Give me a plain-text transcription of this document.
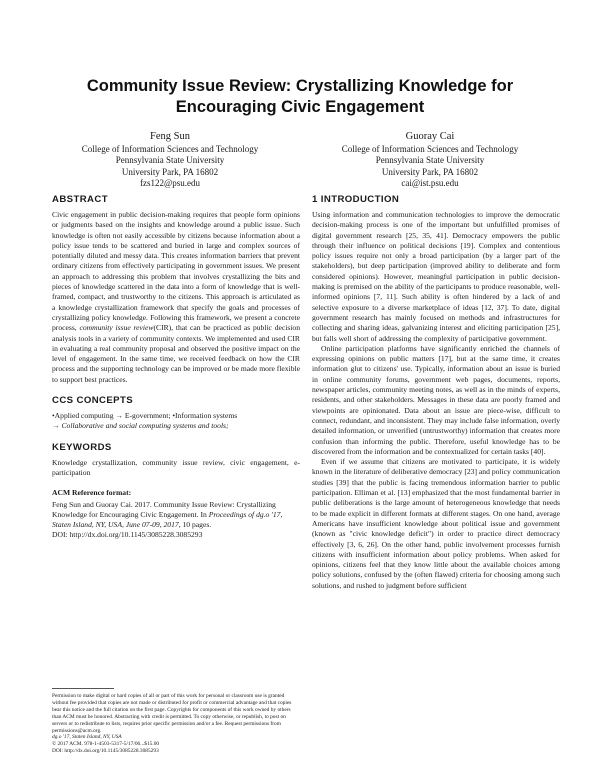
Community Issue Review: Crystallizing Knowledge for
Encouraging Civic Engagement
Feng Sun
College of Information Sciences and Technology
Pennsylvania State University
University Park, PA 16802
fzs122@psu.edu
Guoray Cai
College of Information Sciences and Technology
Pennsylvania State University
University Park, PA 16802
cai@ist.psu.edu
ABSTRACT

Civic engagement in public decision-making requires that people form opinions or judgments based on the insights and knowledge around a public issue. Such knowledge is often not easily accessible by citizens because information about a policy issue tends to be scattered and buried in large and complex sources of potentially diluted and messy data. This creates information barriers that prevent ordinary citizens from effectively participating in government issues. We present an approach to addressing this problem that involves crystallizing the bits and pieces of knowledge scattered in the data into a form of knowledge that is well-framed, compact, and trustworthy to the citizens. This approach is articulated as a knowledge crystallization framework that specify the goals and processes of crystallizing policy knowledge. Following this framework, we present a concrete process, community issue review(CIR), that can be practiced as public decision analysis tools in a variety of community contexts. We implemented and used CIR in evaluating a real community proposal and observed the positive impact on the level of engagement. In the same time, we received feedback on how the CIR process and the supporting technology can be improved or be made more flexible to support best practices.

CCS CONCEPTS

•Applied computing → E-government; •Information systems

→ Collaborative and social computing systems and tools;

KEYWORDS

Knowledge crystallization, community issue review, civic engagement, e-participation

ACM Reference format:

Feng Sun and Guoray Cai. 2017. Community Issue Review: Crystallizing Knowledge for Encouraging Civic Engagement. In Proceedings of dg.o '17, Staten Island, NY, USA, June 07-09, 2017, 10 pages.

DOI: http://dx.doi.org/10.1145/3085228.3085293

Permission to make digital or hard copies of all or part of this work for personal or classroom use is granted without fee provided that copies are not made or distributed for profit or commercial advantage and that copies bear this notice and the full citation on the first page. Copyrights for components of this work owned by others than ACM must be honored. Abstracting with credit is permitted. To copy otherwise, or republish, to post on servers or to redistribute to lists, requires prior specific permission and/or a fee. Request permissions from permissions@acm.org.

dg.o '17, Staten Island, NY, USA

© 2017 ACM. 978-1-4503-5317-5/17/06...$15.00

DOI: http://dx.doi.org/10.1145/3085228.3085293

1 INTRODUCTION

Using information and communication technologies to improve the democratic decision-making process is one of the important but unfulfilled promises of digital government research [25, 35, 41]. Democracy empowers the public through their influence on political decisions [19]. Complex and contentious policy issues require not only a broad participation (by a larger part of the stakeholders), but deep participation (improved ability to deliberate and form considered opinions). However, meaningful participation in public decision-making is premised on the ability of the participants to produce reasonable, well-informed opinions [7, 11]. Such ability is often hindered by a lack of and selective exposure to a diverse marketplace of ideas [12, 37]. To date, digital government research has mainly focused on methods and infrastructures for collecting and sharing ideas, galvanizing interest and eliciting participation [25], but falls well short of addressing the complexity of participative government.

Online participation platforms have significantly enriched the channels of expressing opinions on public matters [17], but at the same time, it creates information glut to citizens' use. Typically, information about an issue is buried in online community forums, government web pages, documents, reports, newspaper articles, community meeting notes, as well as in the minds of experts, residents, and other stakeholders. Messages in these data are poorly framed and viewpoints are opinionated. Data about an issue are piece-wise, difficult to connect, redundant, and inconsistent. They may include false information, overly detailed information, or unverified (untrustworthy) information that creates more confusion than informing the public. Therefore, useful knowledge has to be discovered from the information and be contextualized for certain tasks [40].

Even if we assume that citizens are motivated to participate, it is widely known in the literature of deliberative democracy [23] and policy communication studies [39] that the public is facing tremendous information barrier to public participation. Elliman et al. [13] emphasized that the most fundamental barrier in public deliberations is the large amount of heterogeneous knowledge that needs to be made explicit in different formats at different stages. On one hand, average Americans have insufficient knowledge about political issue and government (known as "civic knowledge deficit") in order to practice direct democracy effectively [3, 6, 26]. On the other hand, public involvement processes furnish citizens with insufficient information about policy problems. When asked for opinions, citizens feel that they know little about the available choices among policy solutions, confused by the (often flawed) criteria for choosing among such solutions, and rushed to judgment before sufficient
